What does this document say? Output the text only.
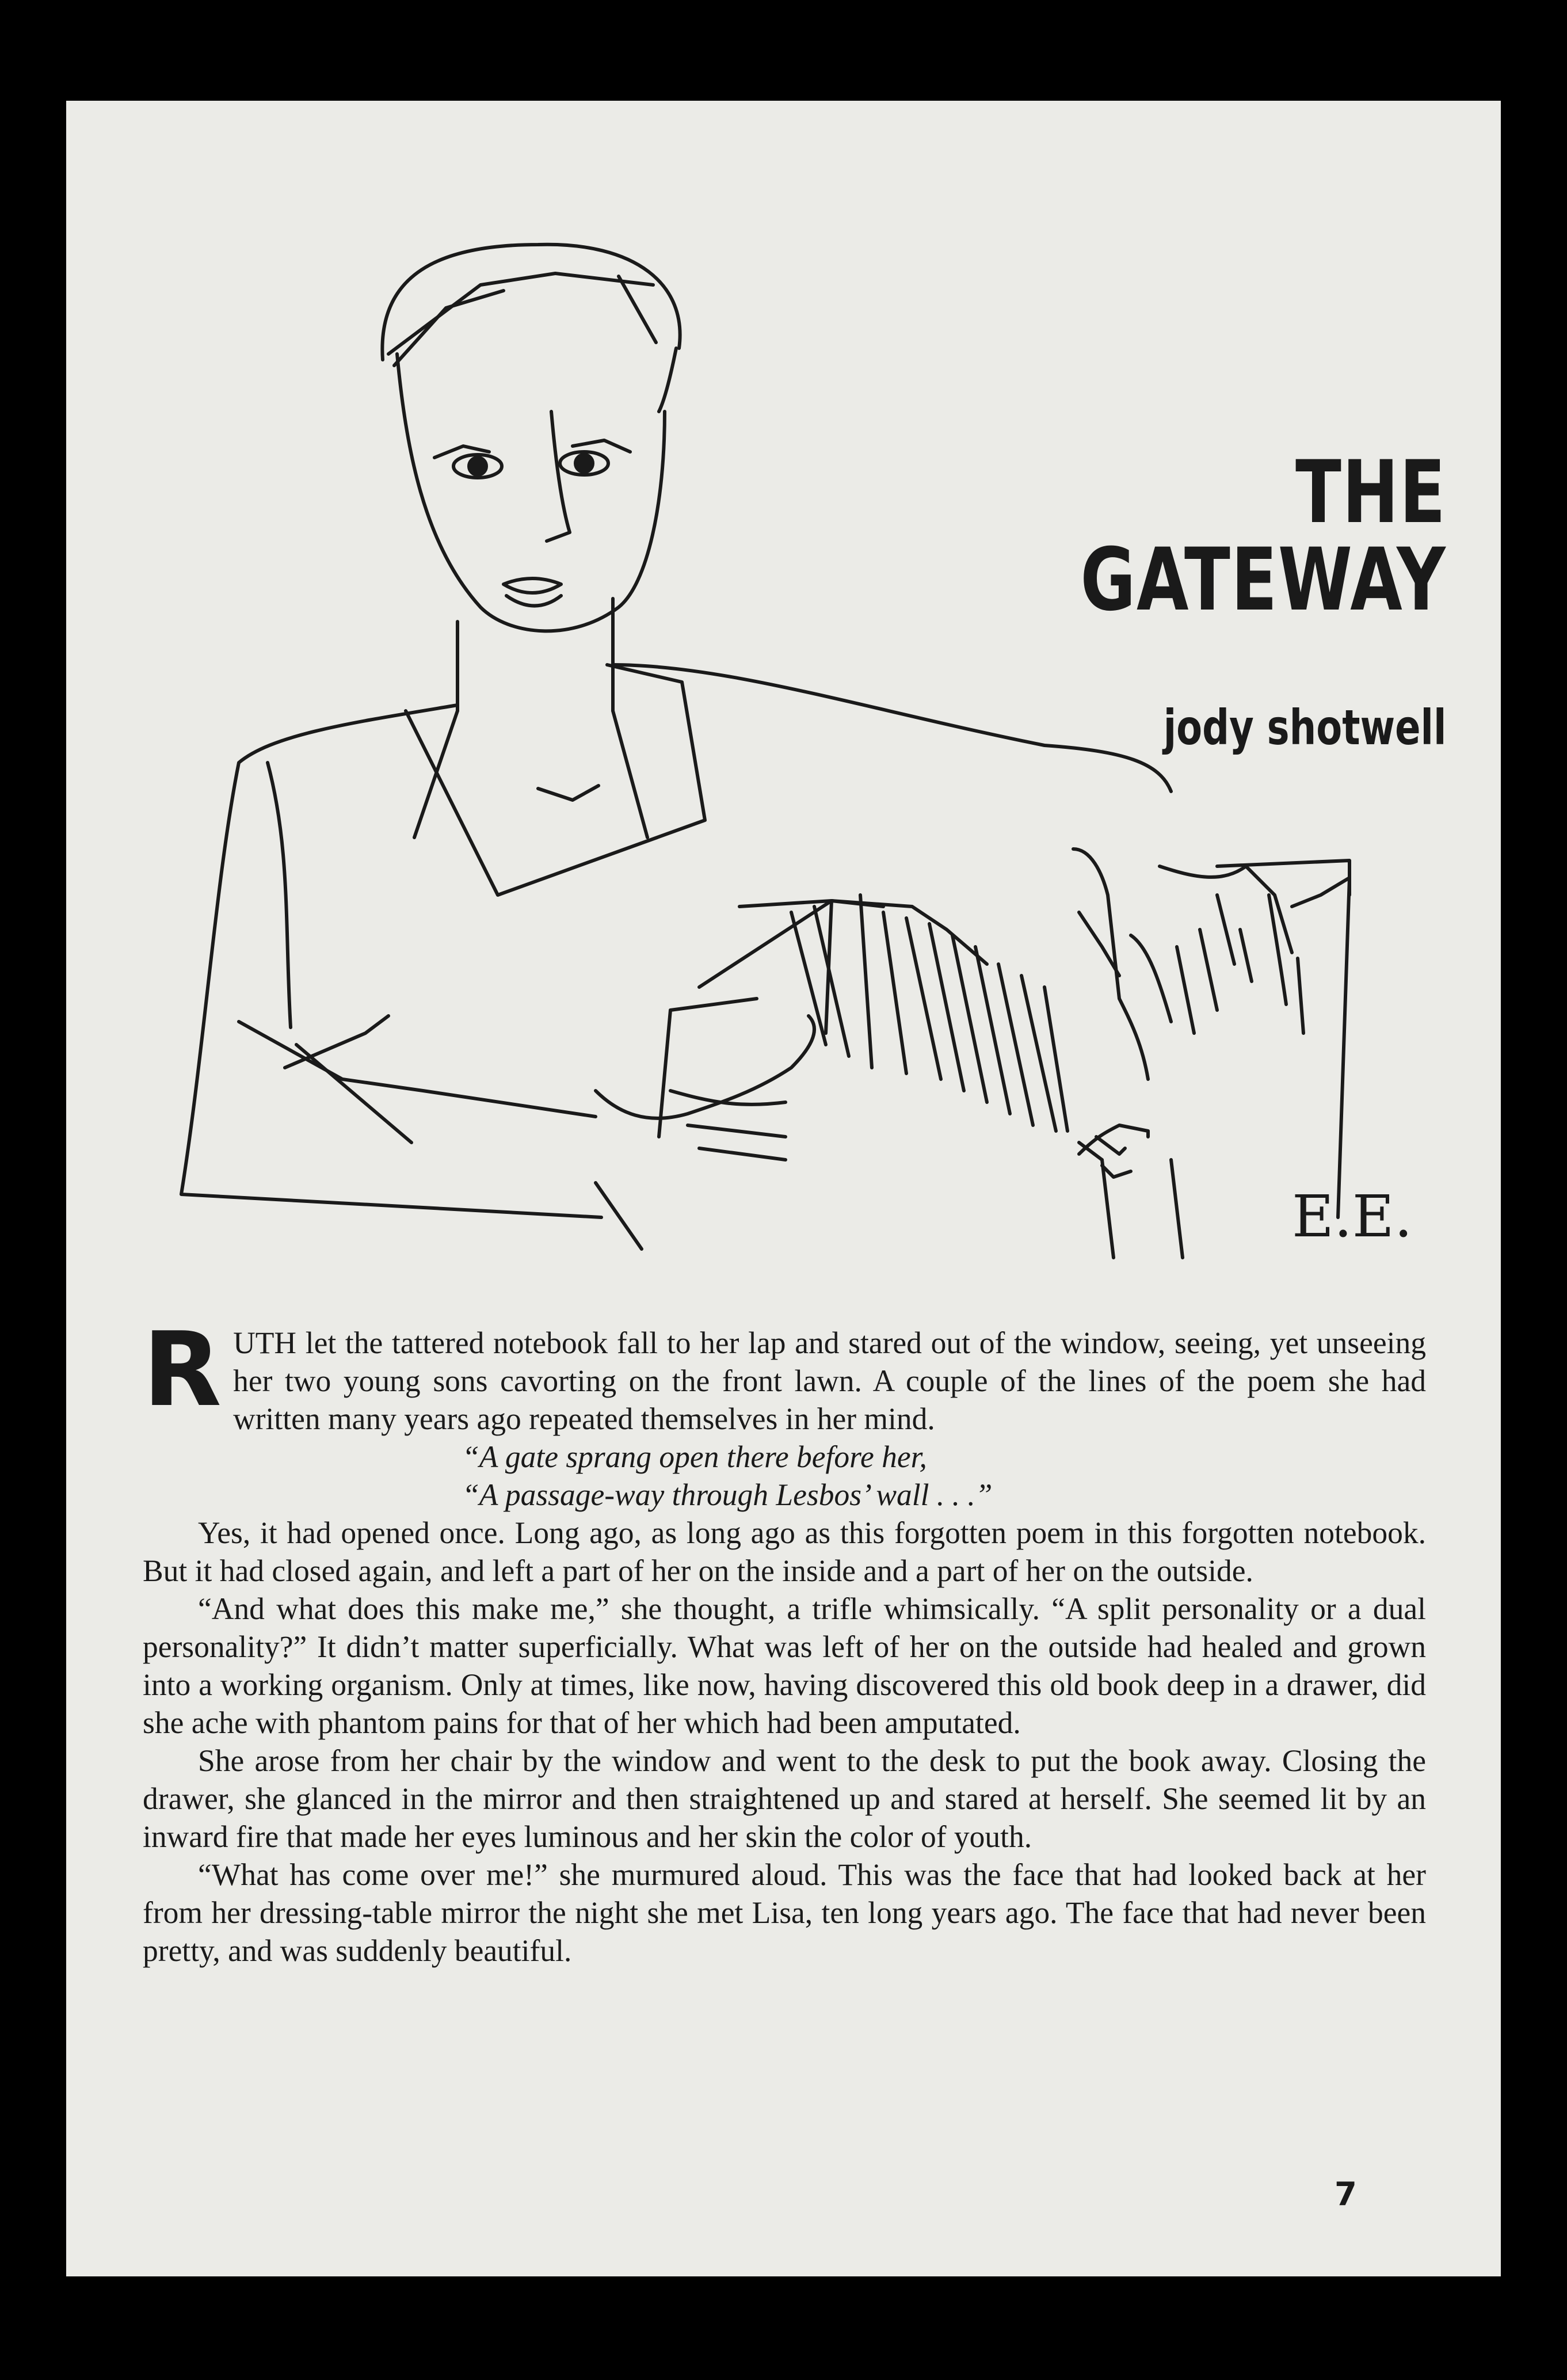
THE
GATEWAY
jody shotwell
E.E.

RUTH let the tattered notebook fall to her lap and stared out of the window, seeing, yet unseeing her two young sons cavorting on the front lawn. A couple of the lines of the poem she had written many years ago repeated themselves in her mind.

“A gate sprang open there before her,
“A passage-way through Lesbos’ wall . . .”

Yes, it had opened once. Long ago, as long ago as this forgotten poem in this forgotten notebook. But it had closed again, and left a part of her on the inside and a part of her on the outside.

“And what does this make me,” she thought, a trifle whimsically. “A split personality or a dual personality?” It didn’t matter superficially. What was left of her on the outside had healed and grown into a working organism. Only at times, like now, having discovered this old book deep in a drawer, did she ache with phantom pains for that of her which had been amputated.

She arose from her chair by the window and went to the desk to put the book away. Closing the drawer, she glanced in the mirror and then straightened up and stared at herself. She seemed lit by an inward fire that made her eyes luminous and her skin the color of youth.

“What has come over me!” she murmured aloud. This was the face that had looked back at her from her dressing-table mirror the night she met Lisa, ten long years ago. The face that had never been pretty, and was suddenly beautiful.

7
